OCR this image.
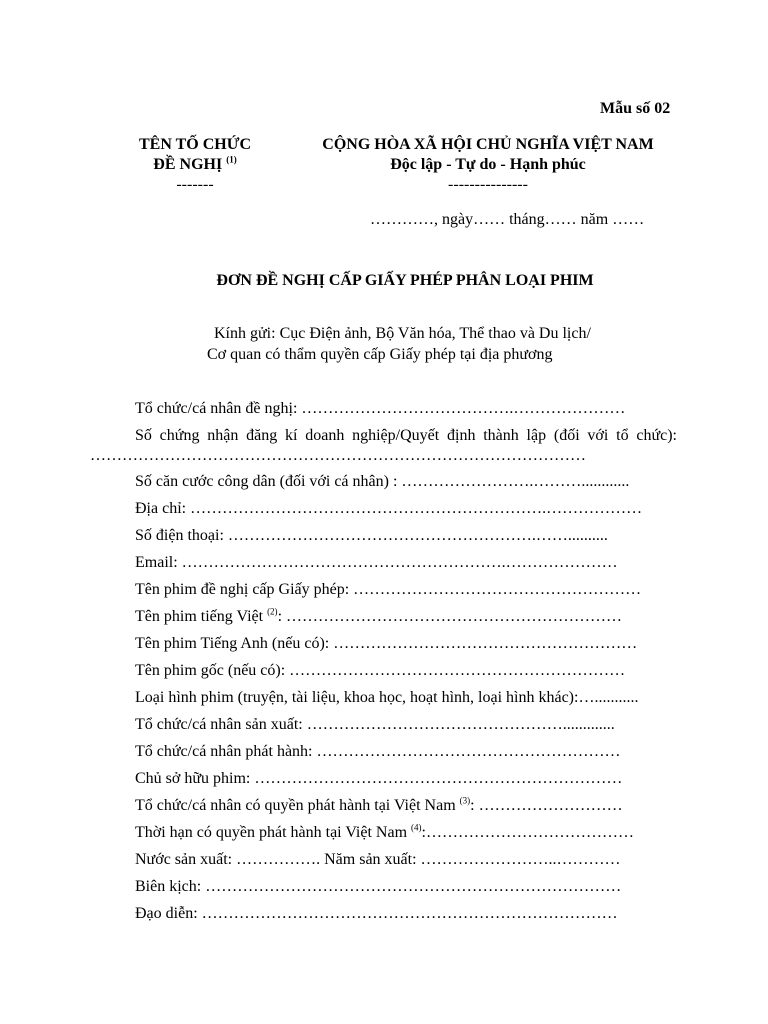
Mẫu số 02
TÊN TỐ CHỨC
ĐỀ NGHỊ $^{(1)}$
-------
CỘNG HÒA XÃ HỘI CHỦ NGHĨA VIỆT NAM
Độc lập - Tự do - Hạnh phúc
---------------
…………, ngày…… tháng…… năm ……
ĐƠN ĐỀ NGHỊ CẤP GIẤY PHÉP PHÂN LOẠI PHIM
Kính gửi: Cục Điện ảnh, Bộ Văn hóa, Thể thao và Du lịch/
Cơ quan có thẩm quyền cấp Giấy phép tại địa phương
Tổ chức/cá nhân đề nghị: ………………………………….…………………
Số chứng nhận đăng kí doanh nghiệp/Quyết định thành lập (đối với tổ chức):
…………………………………………………………………………………
Số căn cước công dân (đối với cá nhân) : …………………….………............
Địa chỉ: ………………………………………………………….………………
Số điện thoại: ………………………………………………….……..........
Email: …………………………………………………….…………………
Tên phim đề nghị cấp Giấy phép: ………………………………………………
Tên phim tiếng Việt $^{(2)}$: ………………………………………………………
Tên phim Tiếng Anh (nếu có): …………………………………………………
Tên phim gốc (nếu có): ………………………………………………………
Loại hình phim (truyện, tài liệu, khoa học, hoạt hình, loại hình khác):…...........
Tổ chức/cá nhân sản xuất: ………………………………………….............
Tổ chức/cá nhân phát hành: …………………………………………………
Chủ sở hữu phim: ……………………………………………………………
Tổ chức/cá nhân có quyền phát hành tại Việt Nam $^{(3)}$: ………………………
Thời hạn có quyền phát hành tại Việt Nam $^{(4)}$:…………………………………
Nước sản xuất: ……………. Năm sản xuất: ……………………..…………
Biên kịch: ……………………………………………………………………
Đạo diễn: ……………………………………………………………………
